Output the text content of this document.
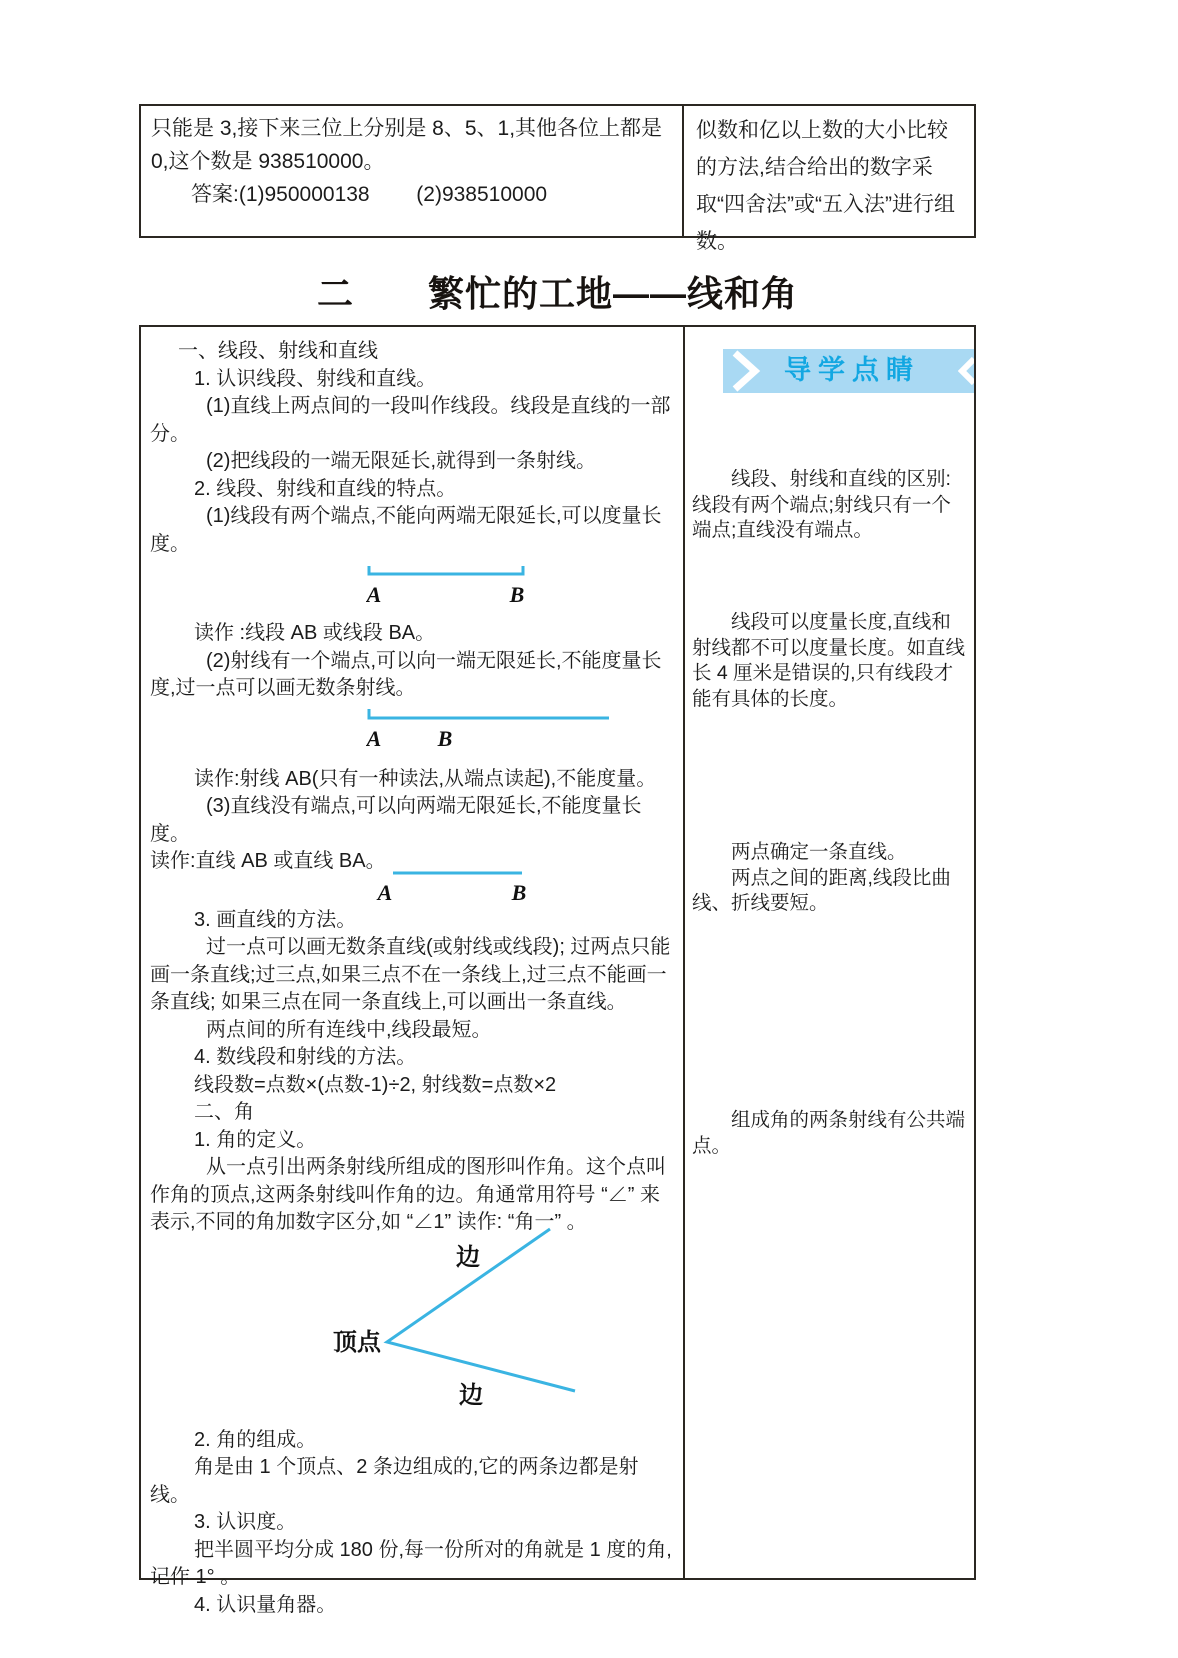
只能是 3,接下来三位上分别是 8、5、1,其他各位上都是 0,这个数是 938510000。

答案:(1)950000138        (2)938510000

似数和亿以上数的大小比较的方法,结合给出的数字采取“四舍法”或“五入法”进行组数。

二　　繁忙的工地——线和角

一、线段、射线和直线

1. 认识线段、射线和直线。

(1)直线上两点间的一段叫作线段。线段是直线的一部分。

(2)把线段的一端无限延长,就得到一条射线。

2. 线段、射线和直线的特点。

(1)线段有两个端点,不能向两端无限延长,可以度量长度。

A	B

读作 :线段 AB 或线段 BA。

(2)射线有一个端点,可以向一端无限延长,不能度量长度,过一点可以画无数条射线。

A	B

读作:射线 AB(只有一种读法,从端点读起),不能度量。

(3)直线没有端点,可以向两端无限延长,不能度量长度。

读作:直线 AB 或直线 BA。
A	B

3. 画直线的方法。

过一点可以画无数条直线(或射线或线段); 过两点只能画一条直线;过三点,如果三点不在一条线上,过三点不能画一条直线; 如果三点在同一条直线上,可以画出一条直线。

两点间的所有连线中,线段最短。

4. 数线段和射线的方法。

线段数=点数×(点数-1)÷2, 射线数=点数×2

二、角

1. 角的定义。

从一点引出两条射线所组成的图形叫作角。这个点叫作角的顶点,这两条射线叫作角的边。角通常用符号 “∠” 来表示,不同的角加数字区分,如 “∠1” 读作: “角一” 。

顶点
边
边

2. 角的组成。

角是由 1 个顶点、2 条边组成的,它的两条边都是射线。

3. 认识度。

把半圆平均分成 180 份,每一份所对的角就是 1 度的角,记作 1° 。

4. 认识量角器。

导学点睛

线段、射线和直线的区别:线段有两个端点;射线只有一个端点;直线没有端点。

线段可以度量长度,直线和射线都不可以度量长度。如直线长 4 厘米是错误的,只有线段才能有具体的长度。

两点确定一条直线。

两点之间的距离,线段比曲线、折线要短。

组成角的两条射线有公共端点。
